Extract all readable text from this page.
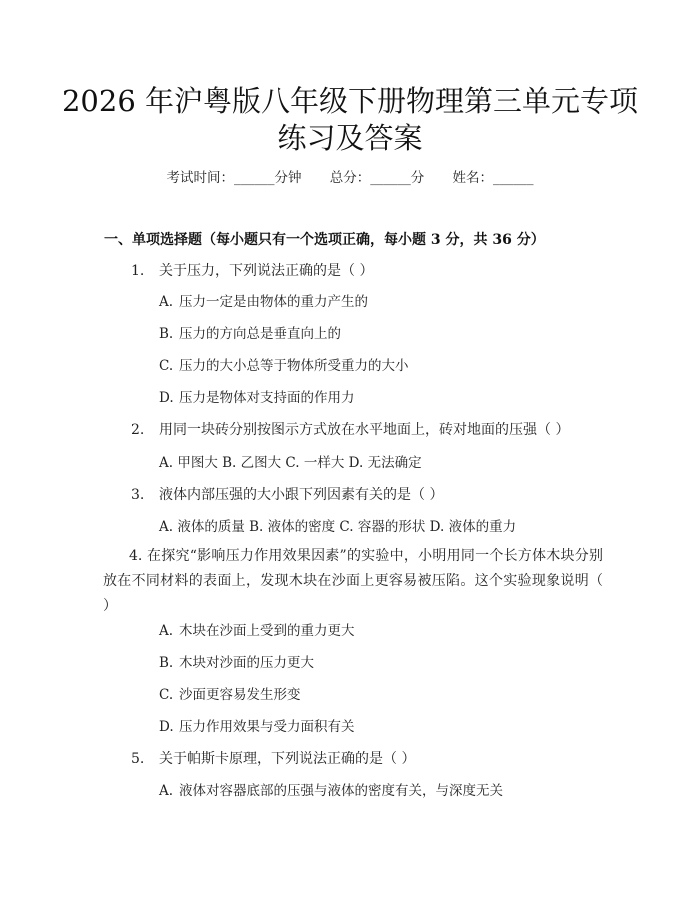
2026 年沪粤版八年级下册物理第三单元专项
练习及答案
考试时间：______分钟 总分：______分 姓名：______
一、单项选择题（每小题只有一个选项正确，每小题 3 分，共 36 分）
1. 关于压力，下列说法正确的是（ ）
A. 压力一定是由物体的重力产生的
B. 压力的方向总是垂直向上的
C. 压力的大小总等于物体所受重力的大小
D. 压力是物体对支持面的作用力
2. 用同一块砖分别按图示方式放在水平地面上，砖对地面的压强（ ）
A. 甲图大 B. 乙图大 C. 一样大 D. 无法确定
3. 液体内部压强的大小跟下列因素有关的是（ ）
A. 液体的质量 B. 液体的密度 C. 容器的形状 D. 液体的重力
4. 在探究“影响压力作用效果因素”的实验中，小明用同一个长方体木块分别放在不同材料的表面上，发现木块在沙面上更容易被压陷。这个实验现象说明（ ）
A. 木块在沙面上受到的重力更大
B. 木块对沙面的压力更大
C. 沙面更容易发生形变
D. 压力作用效果与受力面积有关
5. 关于帕斯卡原理，下列说法正确的是（ ）
A. 液体对容器底部的压强与液体的密度有关，与深度无关
